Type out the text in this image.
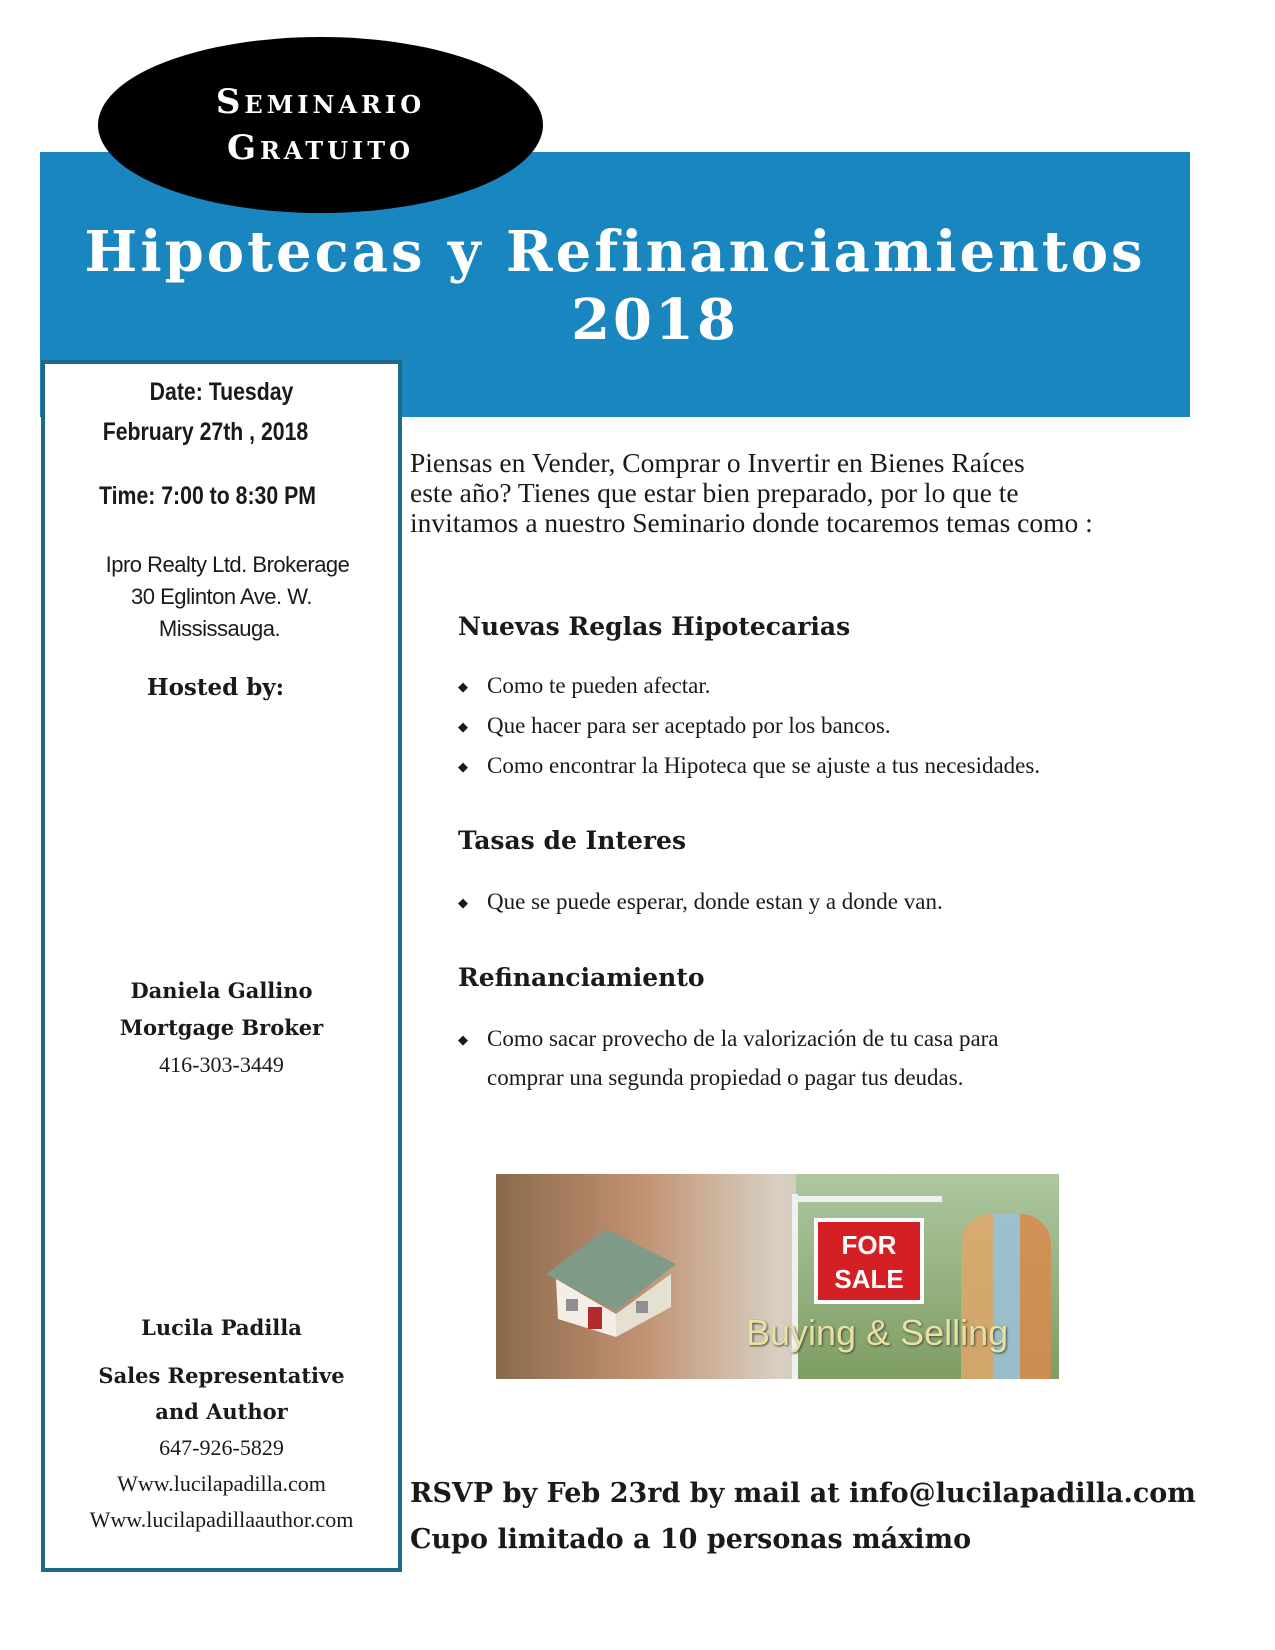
Seminario
Gratuito
Hipotecas y Refinanciamientos
2018
Date: Tuesday
February 27th , 2018
Time: 7:00 to 8:30 PM
Ipro Realty Ltd. Brokerage
30 Eglinton Ave. W.
Mississauga.
Hosted by:
Daniela Gallino
Mortgage Broker
416-303-3449
Lucila Padilla
Sales Representative
and Author
647-926-5829
Www.lucilapadilla.com
Www.lucilapadillaauthor.com
Piensas en Vender, Comprar o Invertir en Bienes Raíces
este año? Tienes que estar bien preparado, por lo que te
invitamos a nuestro Seminario donde tocaremos temas como :
Nuevas Reglas Hipotecarias
◆ Como te pueden afectar.
◆ Que hacer para ser aceptado por los bancos.
◆ Como encontrar la Hipoteca que se ajuste a tus necesidades.
Tasas de Interes
◆ Que se puede esperar, donde estan y a donde van.
Refinanciamiento
◆ Como sacar provecho de la valorización de tu casa para
comprar una segunda propiedad o pagar tus deudas.
FOR
SALE
Buying & Selling
RSVP by Feb 23rd by mail at info@lucilapadilla.com
Cupo limitado a 10 personas máximo
